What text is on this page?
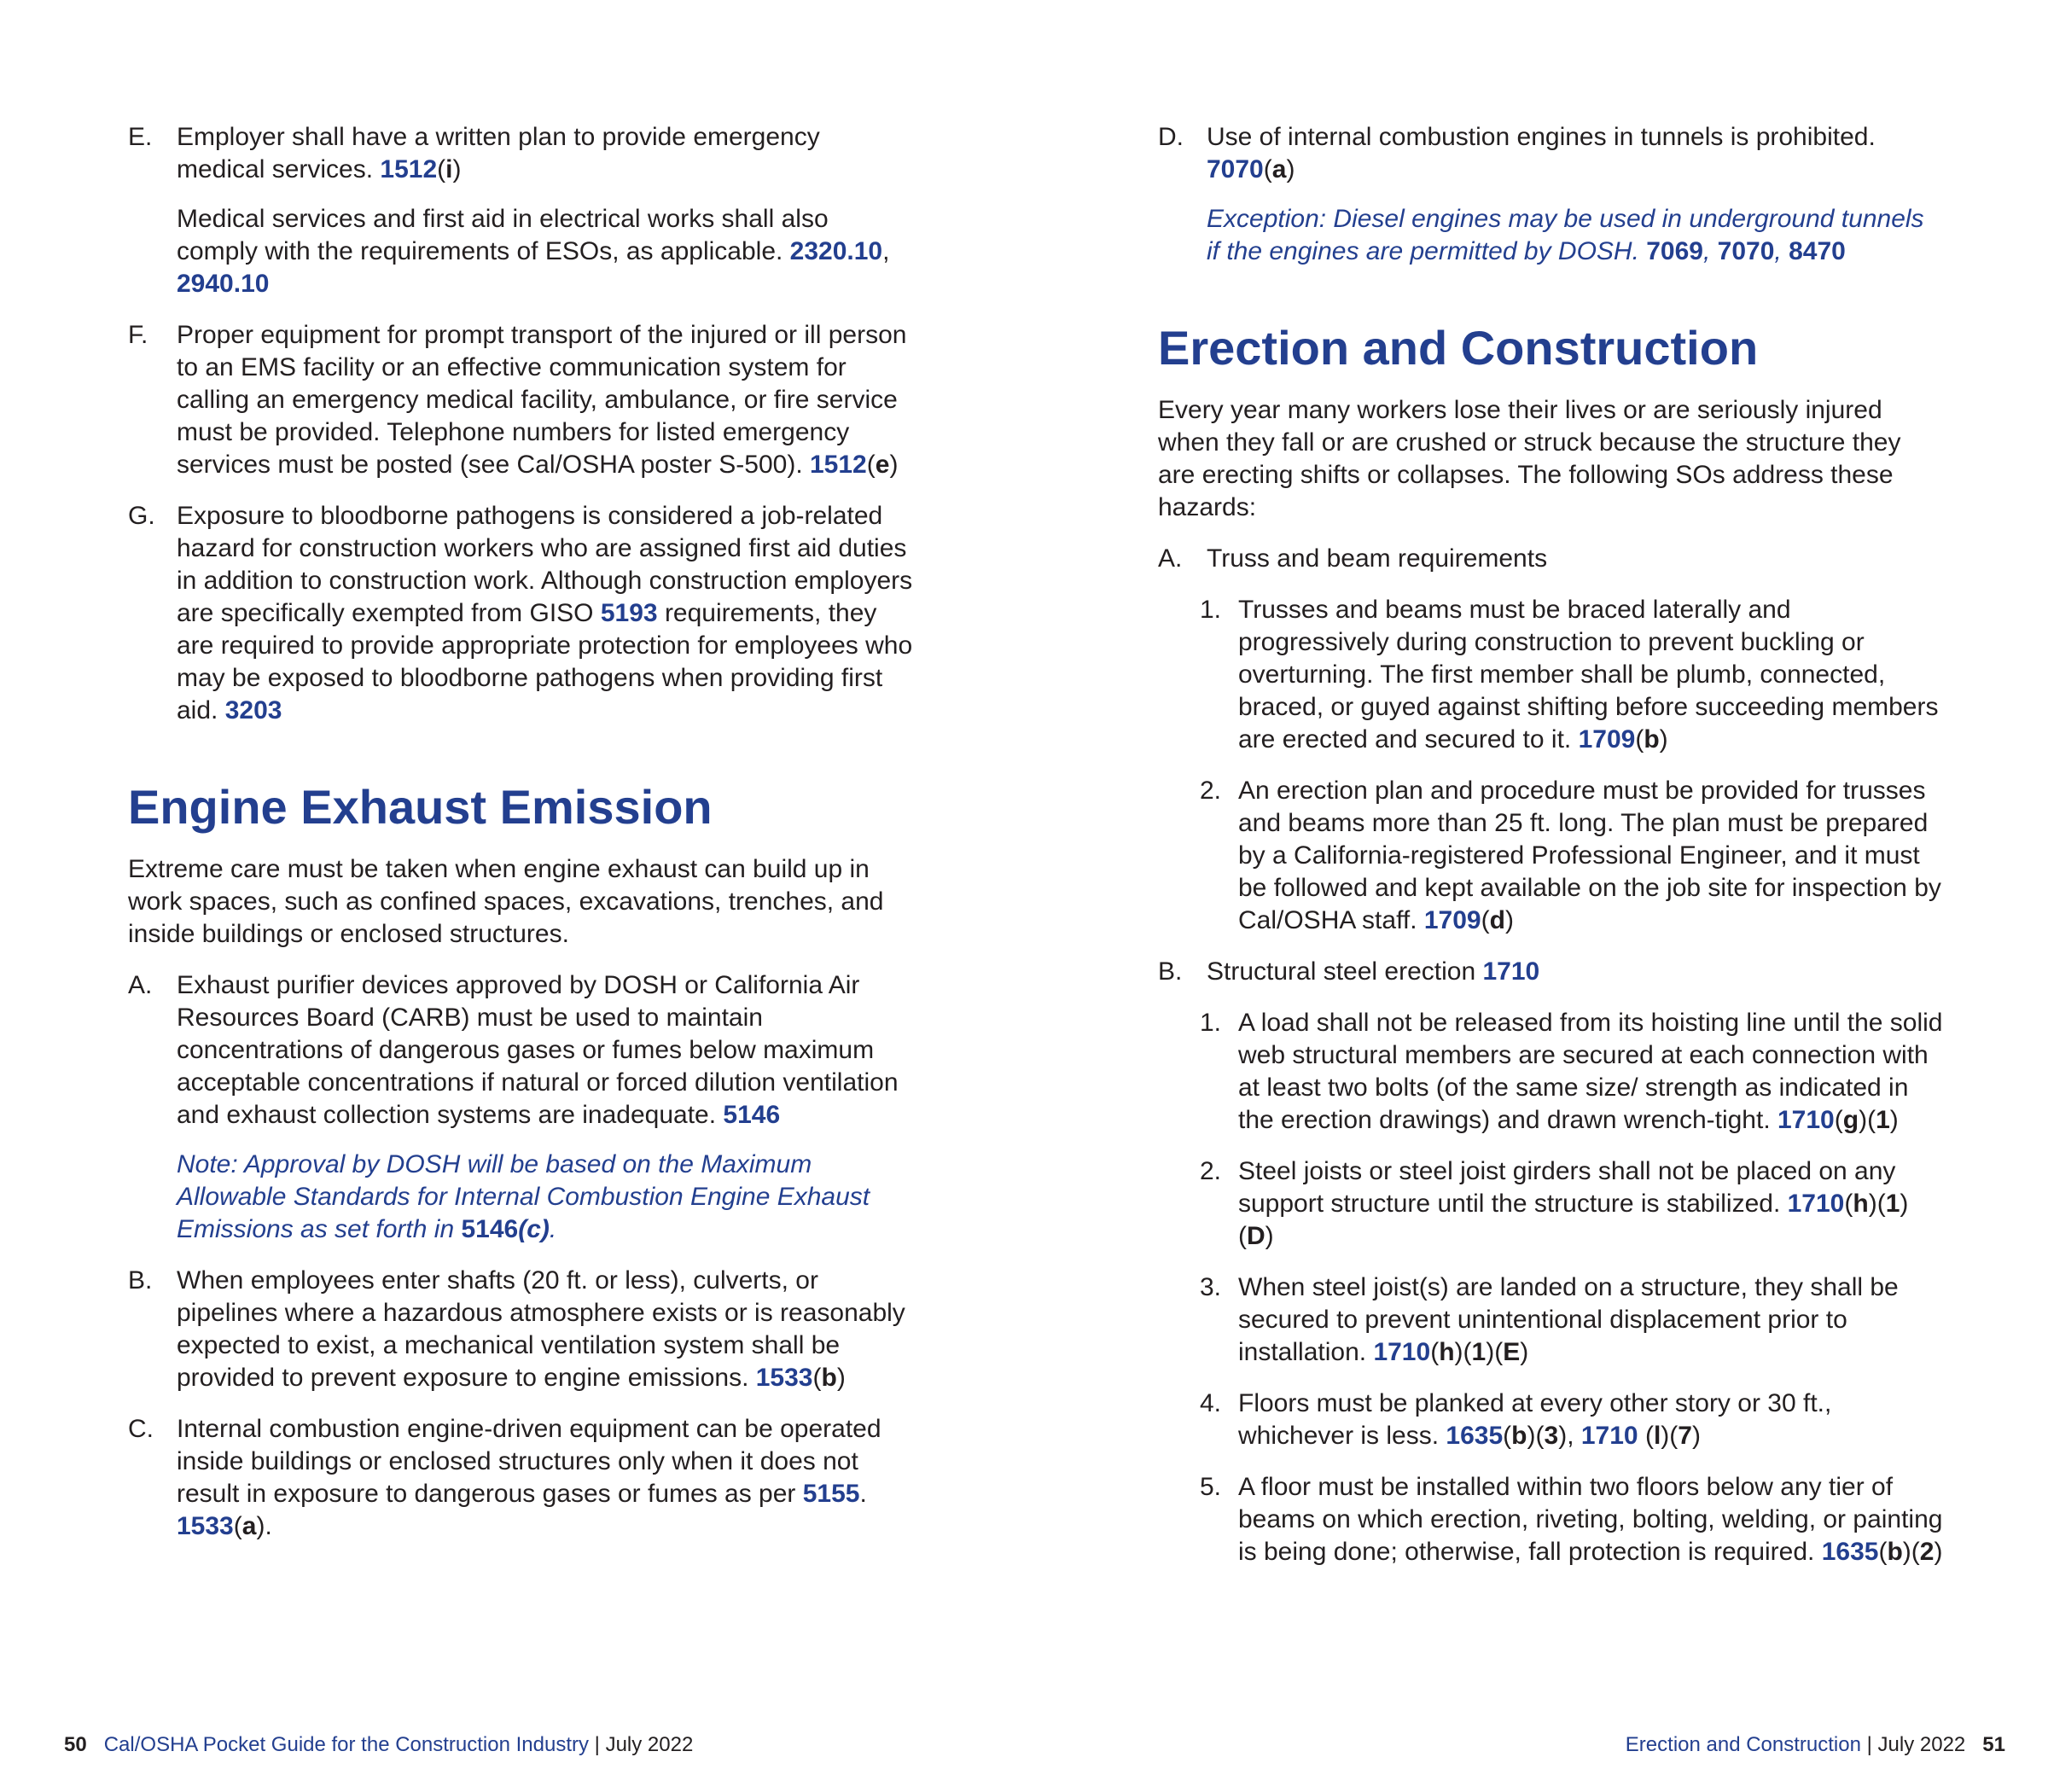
E. Employer shall have a written plan to provide emergency medical services. 1512(i)

Medical services and first aid in electrical works shall also comply with the requirements of ESOs, as applicable. 2320.10, 2940.10

F. Proper equipment for prompt transport of the injured or ill person to an EMS facility or an effective communication system for calling an emergency medical facility, ambulance, or fire service must be provided. Telephone numbers for listed emergency services must be posted (see Cal/OSHA poster S-500). 1512(e)

G. Exposure to bloodborne pathogens is considered a job-related hazard for construction workers who are assigned first aid duties in addition to construction work. Although construction employers are specifically exempted from GISO 5193 requirements, they are required to provide appropriate protection for employees who may be exposed to bloodborne pathogens when providing first aid. 3203

Engine Exhaust Emission

Extreme care must be taken when engine exhaust can build up in work spaces, such as confined spaces, excavations, trenches, and inside buildings or enclosed structures.

A. Exhaust purifier devices approved by DOSH or California Air Resources Board (CARB) must be used to maintain concentrations of dangerous gases or fumes below maximum acceptable concentrations if natural or forced dilution ventilation and exhaust collection systems are inadequate. 5146

Note: Approval by DOSH will be based on the Maximum Allowable Standards for Internal Combustion Engine Exhaust Emissions as set forth in 5146(c).

B. When employees enter shafts (20 ft. or less), culverts, or pipelines where a hazardous atmosphere exists or is reasonably expected to exist, a mechanical ventilation system shall be provided to prevent exposure to engine emissions. 1533(b)

C. Internal combustion engine-driven equipment can be operated inside buildings or enclosed structures only when it does not result in exposure to dangerous gases or fumes as per 5155. 1533(a).

D. Use of internal combustion engines in tunnels is prohibited. 7070(a)

Exception: Diesel engines may be used in underground tunnels if the engines are permitted by DOSH. 7069, 7070, 8470

Erection and Construction

Every year many workers lose their lives or are seriously injured when they fall or are crushed or struck because the structure they are erecting shifts or collapses. The following SOs address these hazards:

A. Truss and beam requirements

1. Trusses and beams must be braced laterally and progressively during construction to prevent buckling or overturning. The first member shall be plumb, connected, braced, or guyed against shifting before succeeding members are erected and secured to it. 1709(b)

2. An erection plan and procedure must be provided for trusses and beams more than 25 ft. long. The plan must be prepared by a California-registered Professional Engineer, and it must be followed and kept available on the job site for inspection by Cal/OSHA staff. 1709(d)

B. Structural steel erection 1710

1. A load shall not be released from its hoisting line until the solid web structural members are secured at each connection with at least two bolts (of the same size/ strength as indicated in the erection drawings) and drawn wrench-tight. 1710(g)(1)

2. Steel joists or steel joist girders shall not be placed on any support structure until the structure is stabilized. 1710(h)(1)(D)

3. When steel joist(s) are landed on a structure, they shall be secured to prevent unintentional displacement prior to installation. 1710(h)(1)(E)

4. Floors must be planked at every other story or 30 ft., whichever is less. 1635(b)(3), 1710 (l)(7)

5. A floor must be installed within two floors below any tier of beams on which erection, riveting, bolting, welding, or painting is being done; otherwise, fall protection is required. 1635(b)(2)

50 Cal/OSHA Pocket Guide for the Construction Industry | July 2022	Erection and Construction | July 2022 51
